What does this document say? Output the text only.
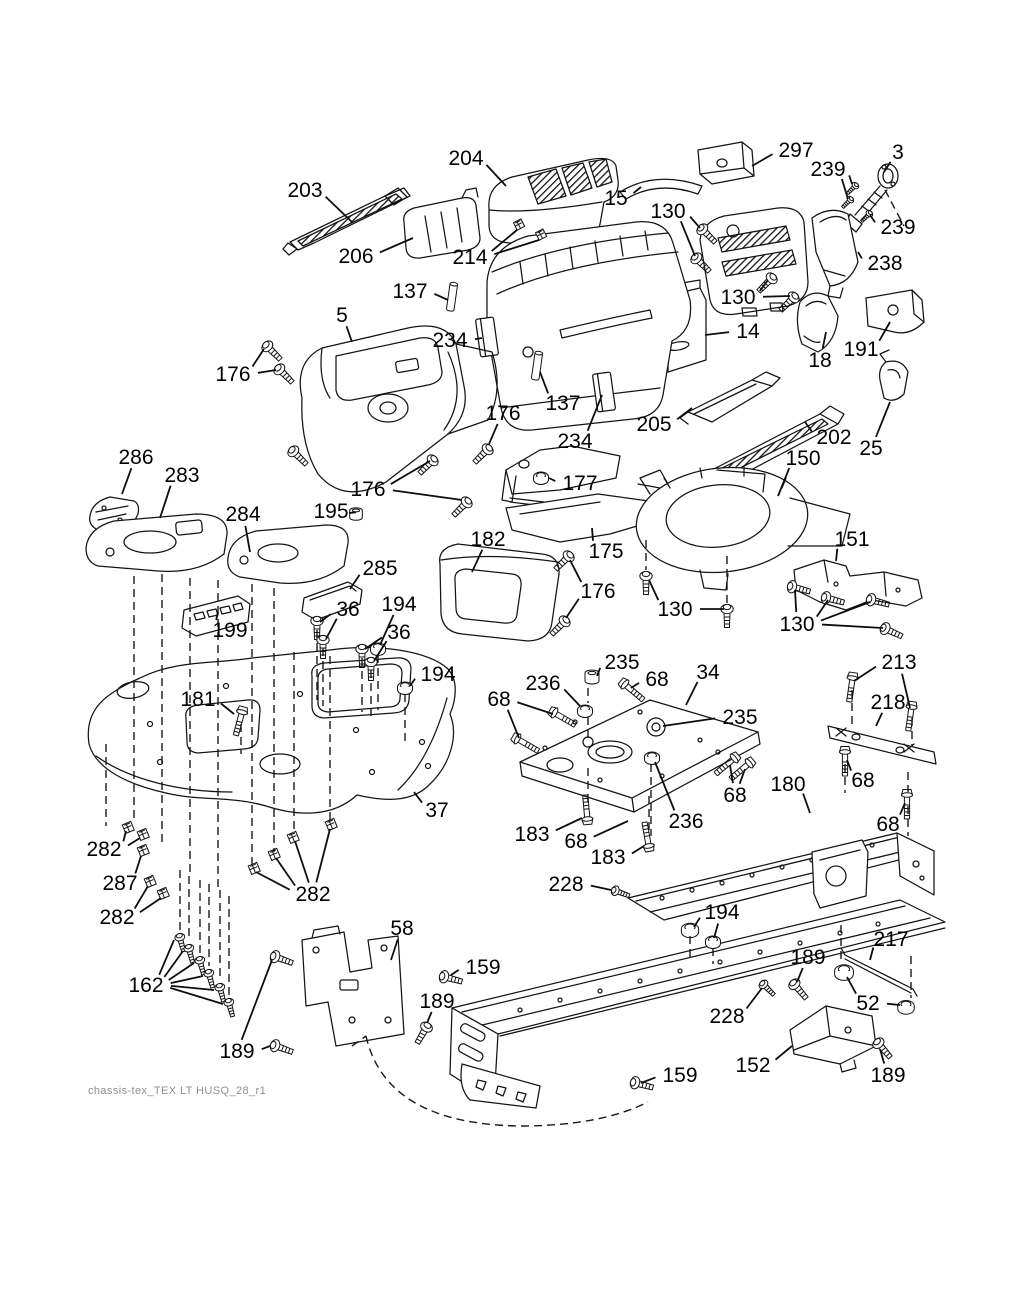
203
204
206	214
15
297	3
239
239
238
130
130
14
18 191
137
5
234
176
137
176
234
205
202 25
150
286
283
284	195
176	177
175
182
176
285
199
36 194
36
194
130
151
130
235
236	68 34
68
235
236
68
183 68
183
213
218
68
68
180
228
194
159
189
228
217
52
152
189
189
159
37
181
282
287
282
282
162
58
189
chassis-tex_TEX LT HUSQ_28_r1
